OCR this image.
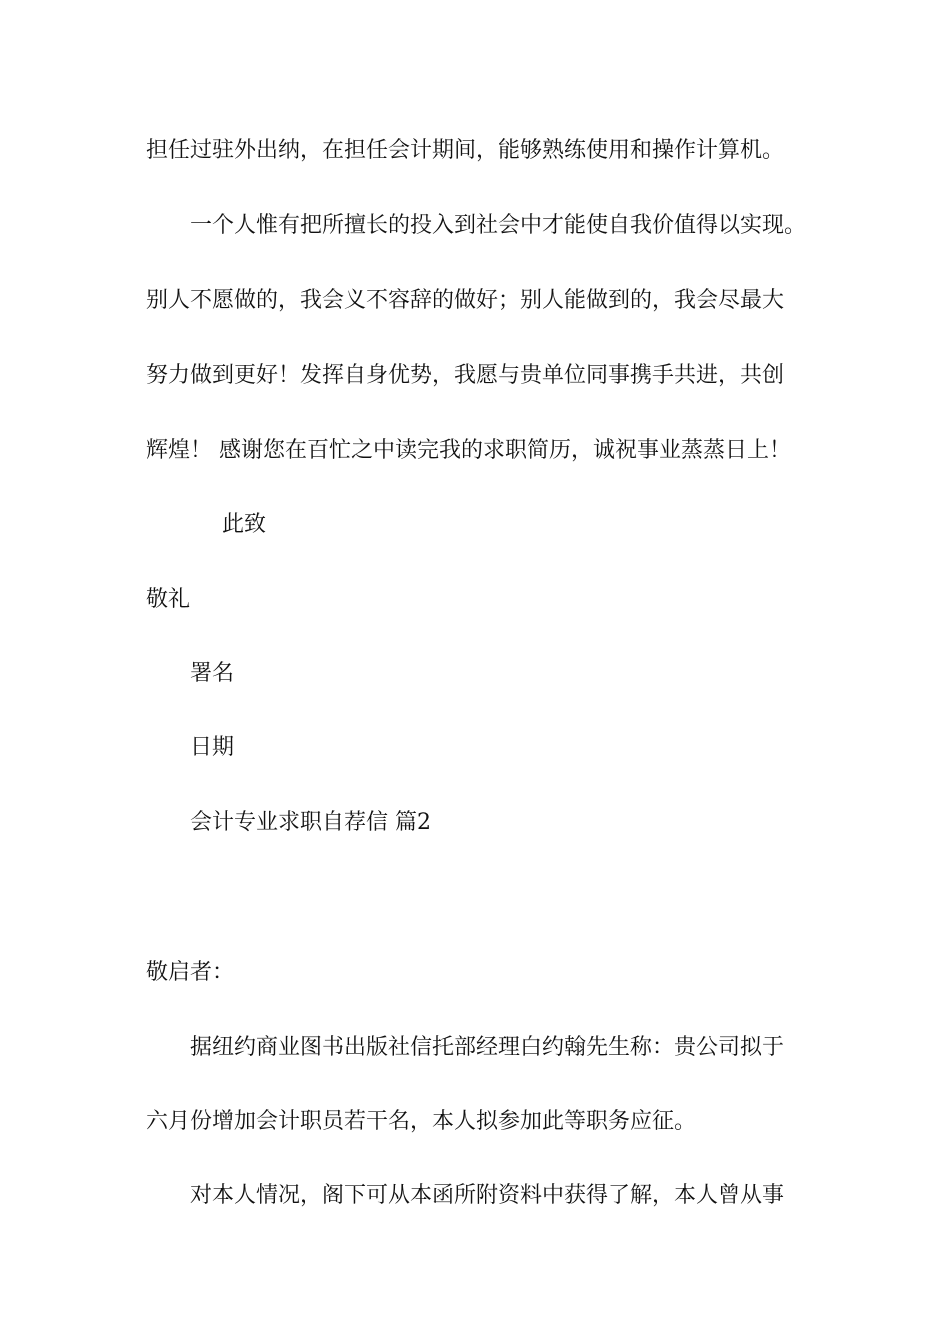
担任过驻外出纳，在担任会计期间，能够熟练使用和操作计算机。

一个人惟有把所擅长的投入到社会中才能使自我价值得以实现。

别人不愿做的，我会义不容辞的做好；别人能做到的，我会尽最大

努力做到更好！发挥自身优势，我愿与贵单位同事携手共进，共创

辉煌！ 感谢您在百忙之中读完我的求职简历，诚祝事业蒸蒸日上！

此致

敬礼

署名

日期

会计专业求职自荐信 篇2

敬启者：

据纽约商业图书出版社信托部经理白约翰先生称：贵公司拟于

六月份增加会计职员若干名，本人拟参加此等职务应征。

对本人情况，阁下可从本函所附资料中获得了解，本人曾从事
